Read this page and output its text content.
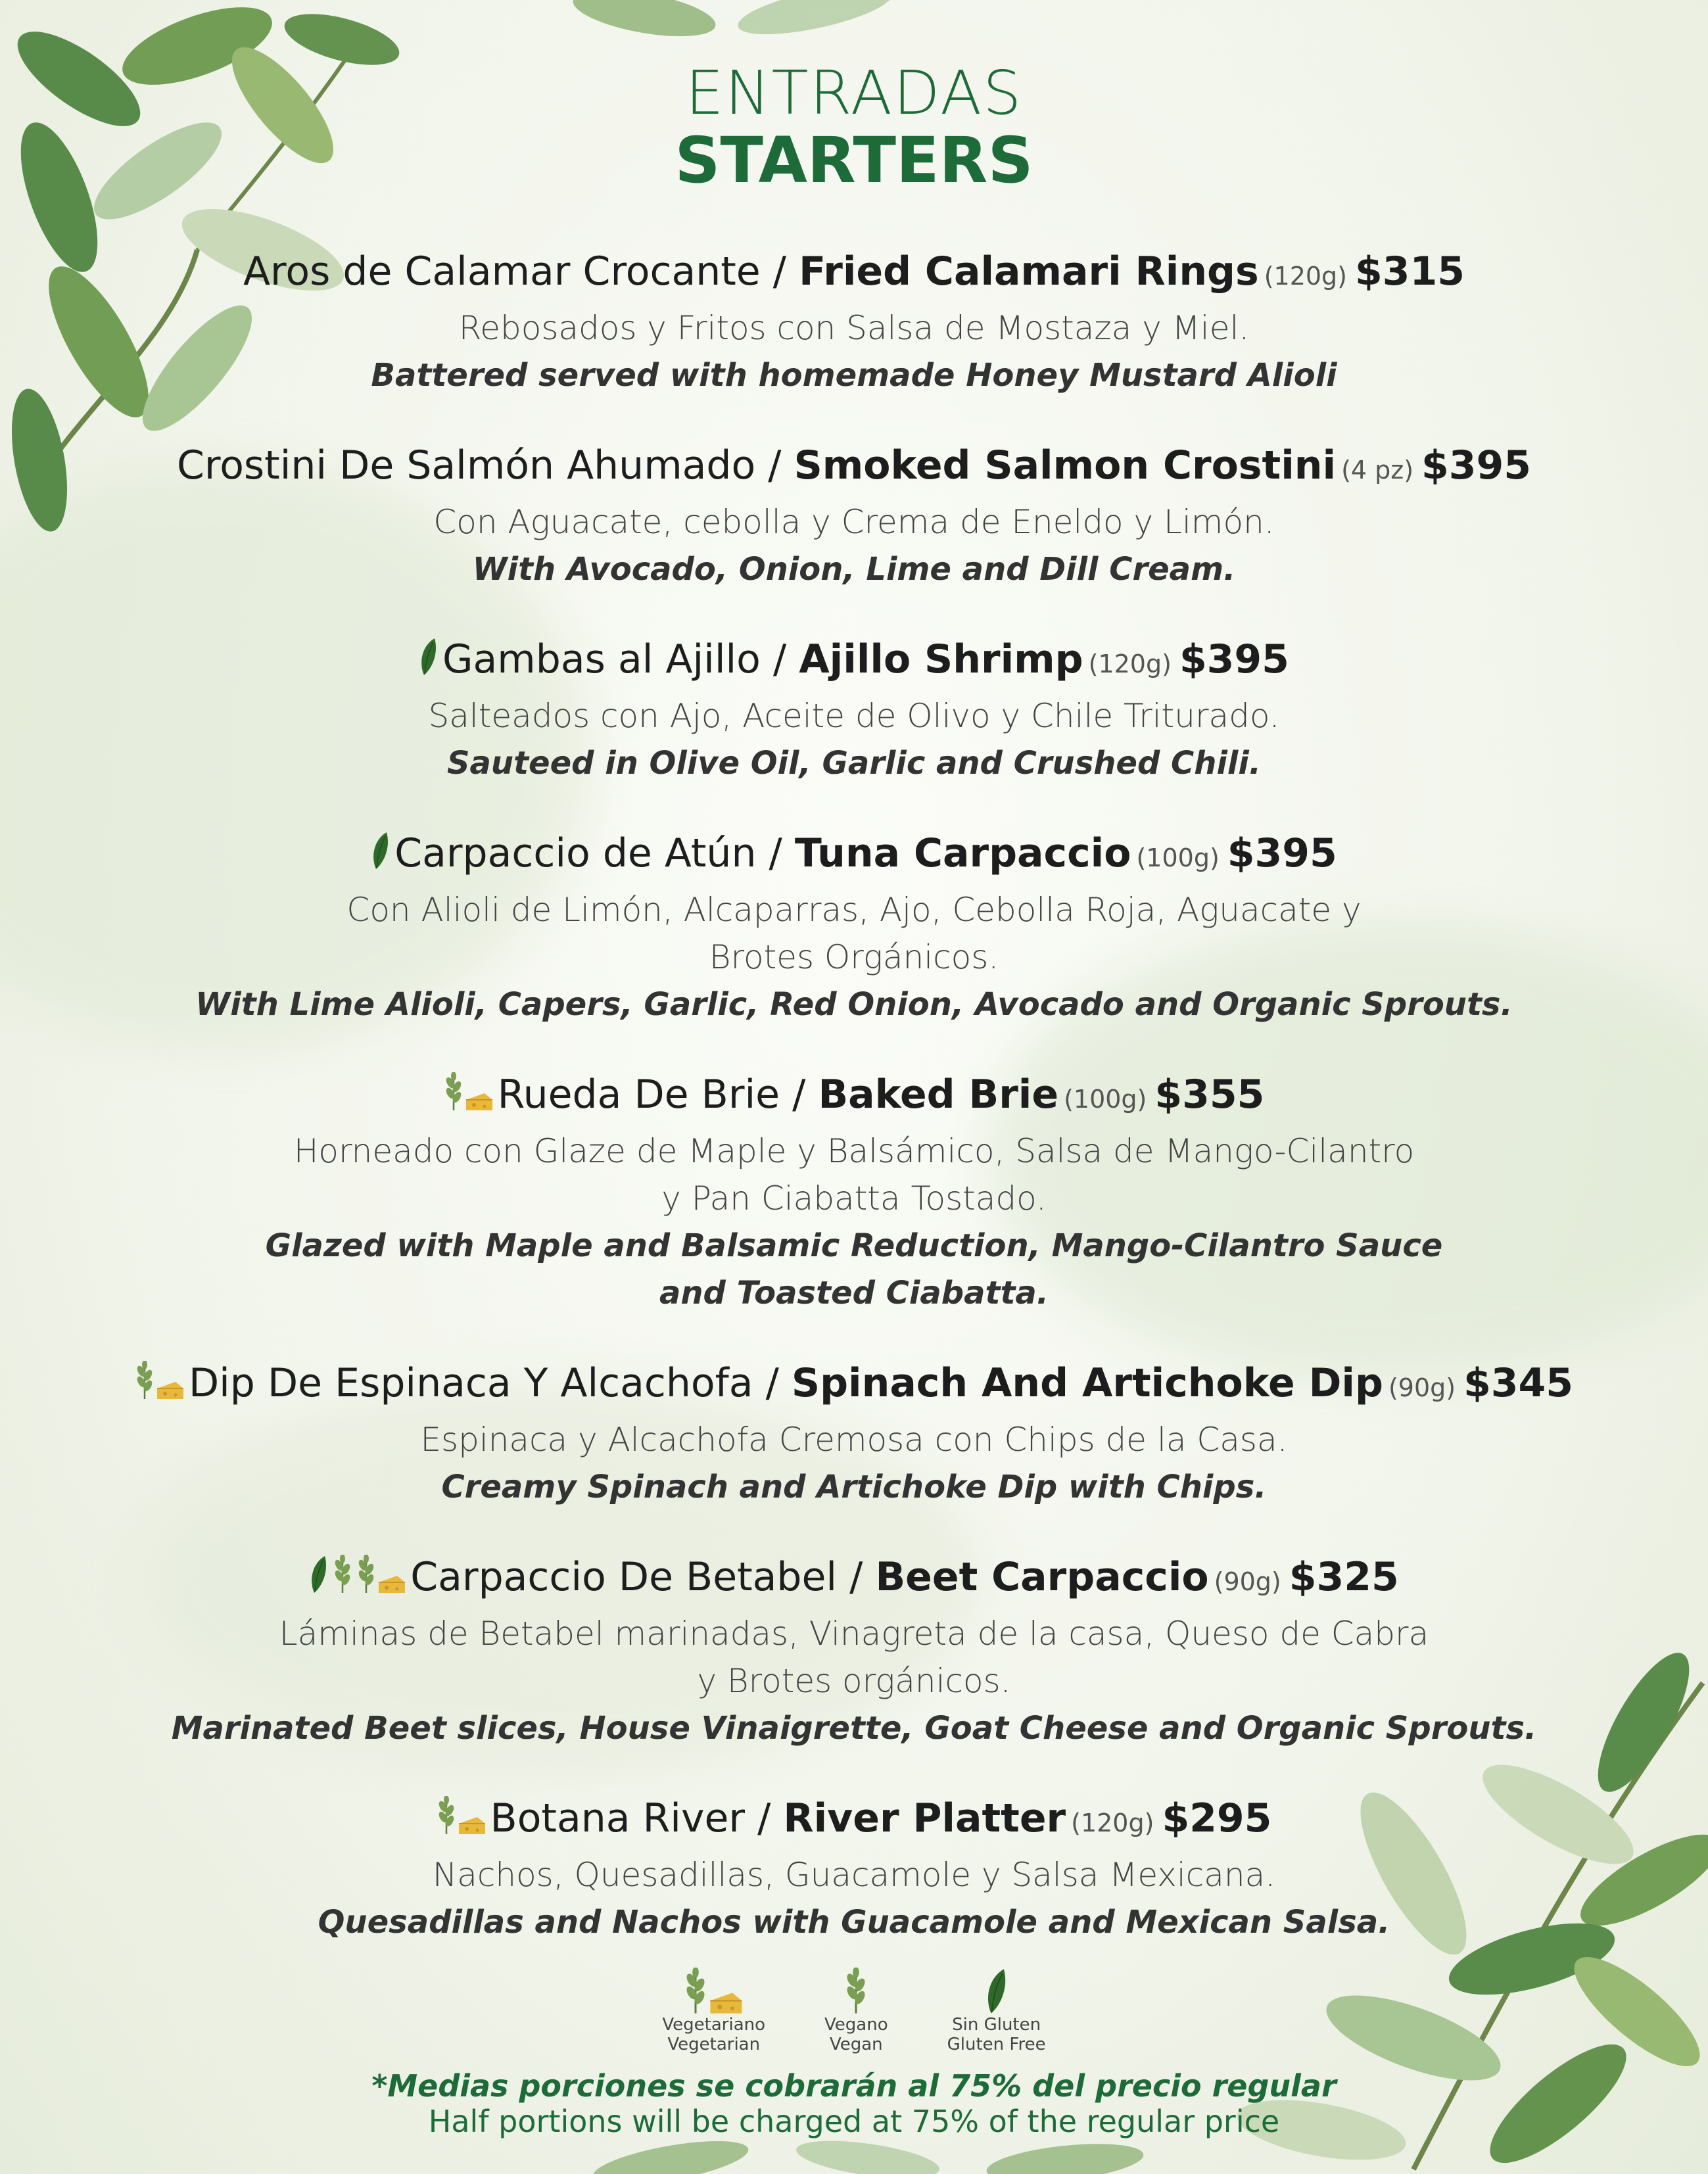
ENTRADAS
STARTERS
Aros de Calamar Crocante / Fried Calamari Rings (120g) $315
Rebosados y Fritos con Salsa de Mostaza y Miel.
Battered served with homemade Honey Mustard Alioli
Crostini De Salmón Ahumado / Smoked Salmon Crostini (4 pz) $395
Con Aguacate, cebolla y Crema de Eneldo y Limón.
With Avocado, Onion, Lime and Dill Cream.
Gambas al Ajillo / Ajillo Shrimp (120g) $395
Salteados con Ajo, Aceite de Olivo y Chile Triturado.
Sauteed in Olive Oil, Garlic and Crushed Chili.
Carpaccio de Atún / Tuna Carpaccio (100g) $395
Con Alioli de Limón, Alcaparras, Ajo, Cebolla Roja, Aguacate y
Brotes Orgánicos.
With Lime Alioli, Capers, Garlic, Red Onion, Avocado and Organic Sprouts.
Rueda De Brie / Baked Brie (100g) $355
Horneado con Glaze de Maple y Balsámico, Salsa de Mango-Cilantro
y Pan Ciabatta Tostado.
Glazed with Maple and Balsamic Reduction, Mango-Cilantro Sauce
and Toasted Ciabatta.
Dip De Espinaca Y Alcachofa / Spinach And Artichoke Dip (90g) $345
Espinaca y Alcachofa Cremosa con Chips de la Casa.
Creamy Spinach and Artichoke Dip with Chips.
Carpaccio De Betabel / Beet Carpaccio (90g) $325
Láminas de Betabel marinadas, Vinagreta de la casa, Queso de Cabra
y Brotes orgánicos.
Marinated Beet slices, House Vinaigrette, Goat Cheese and Organic Sprouts.
Botana River / River Platter (120g) $295
Nachos, Quesadillas, Guacamole y Salsa Mexicana.
Quesadillas and Nachos with Guacamole and Mexican Salsa.
Vegetariano
Vegetarian
Vegano
Vegan
Sin Gluten
Gluten Free
*Medias porciones se cobrarán al 75% del precio regular
Half portions will be charged at 75% of the regular price
